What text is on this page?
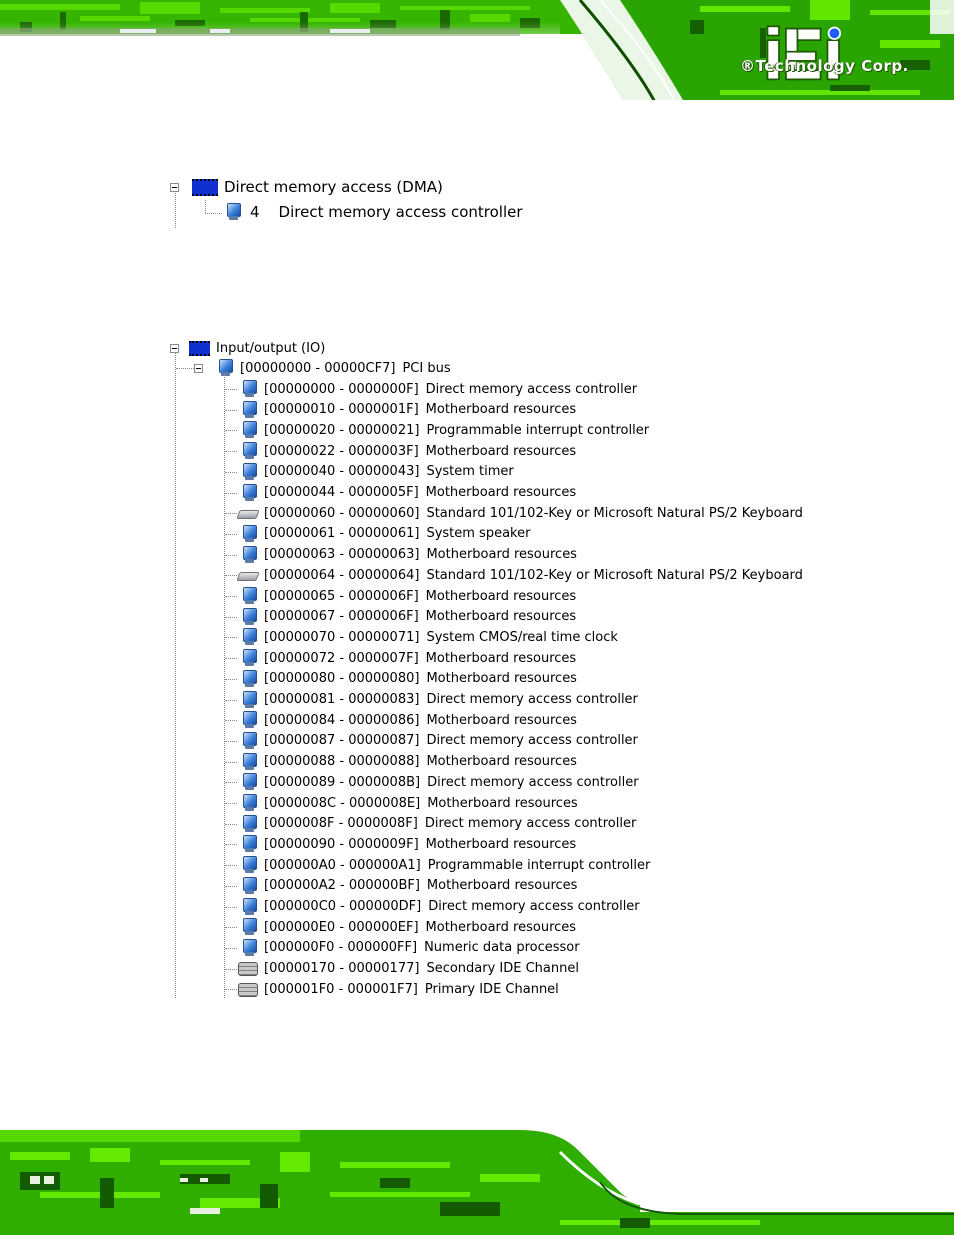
®Technology Corp.
Direct memory access (DMA)
4 Direct memory access controller
Input/output (IO)
[00000000 - 00000CF7] PCI bus
[00000000 - 0000000F] Direct memory access controller
[00000010 - 0000001F] Motherboard resources
[00000020 - 00000021] Programmable interrupt controller
[00000022 - 0000003F] Motherboard resources
[00000040 - 00000043] System timer
[00000044 - 0000005F] Motherboard resources
[00000060 - 00000060] Standard 101/102-Key or Microsoft Natural PS/2 Keyboard
[00000061 - 00000061] System speaker
[00000063 - 00000063] Motherboard resources
[00000064 - 00000064] Standard 101/102-Key or Microsoft Natural PS/2 Keyboard
[00000065 - 0000006F] Motherboard resources
[00000067 - 0000006F] Motherboard resources
[00000070 - 00000071] System CMOS/real time clock
[00000072 - 0000007F] Motherboard resources
[00000080 - 00000080] Motherboard resources
[00000081 - 00000083] Direct memory access controller
[00000084 - 00000086] Motherboard resources
[00000087 - 00000087] Direct memory access controller
[00000088 - 00000088] Motherboard resources
[00000089 - 0000008B] Direct memory access controller
[0000008C - 0000008E] Motherboard resources
[0000008F - 0000008F] Direct memory access controller
[00000090 - 0000009F] Motherboard resources
[000000A0 - 000000A1] Programmable interrupt controller
[000000A2 - 000000BF] Motherboard resources
[000000C0 - 000000DF] Direct memory access controller
[000000E0 - 000000EF] Motherboard resources
[000000F0 - 000000FF] Numeric data processor
[00000170 - 00000177] Secondary IDE Channel
[000001F0 - 000001F7] Primary IDE Channel
